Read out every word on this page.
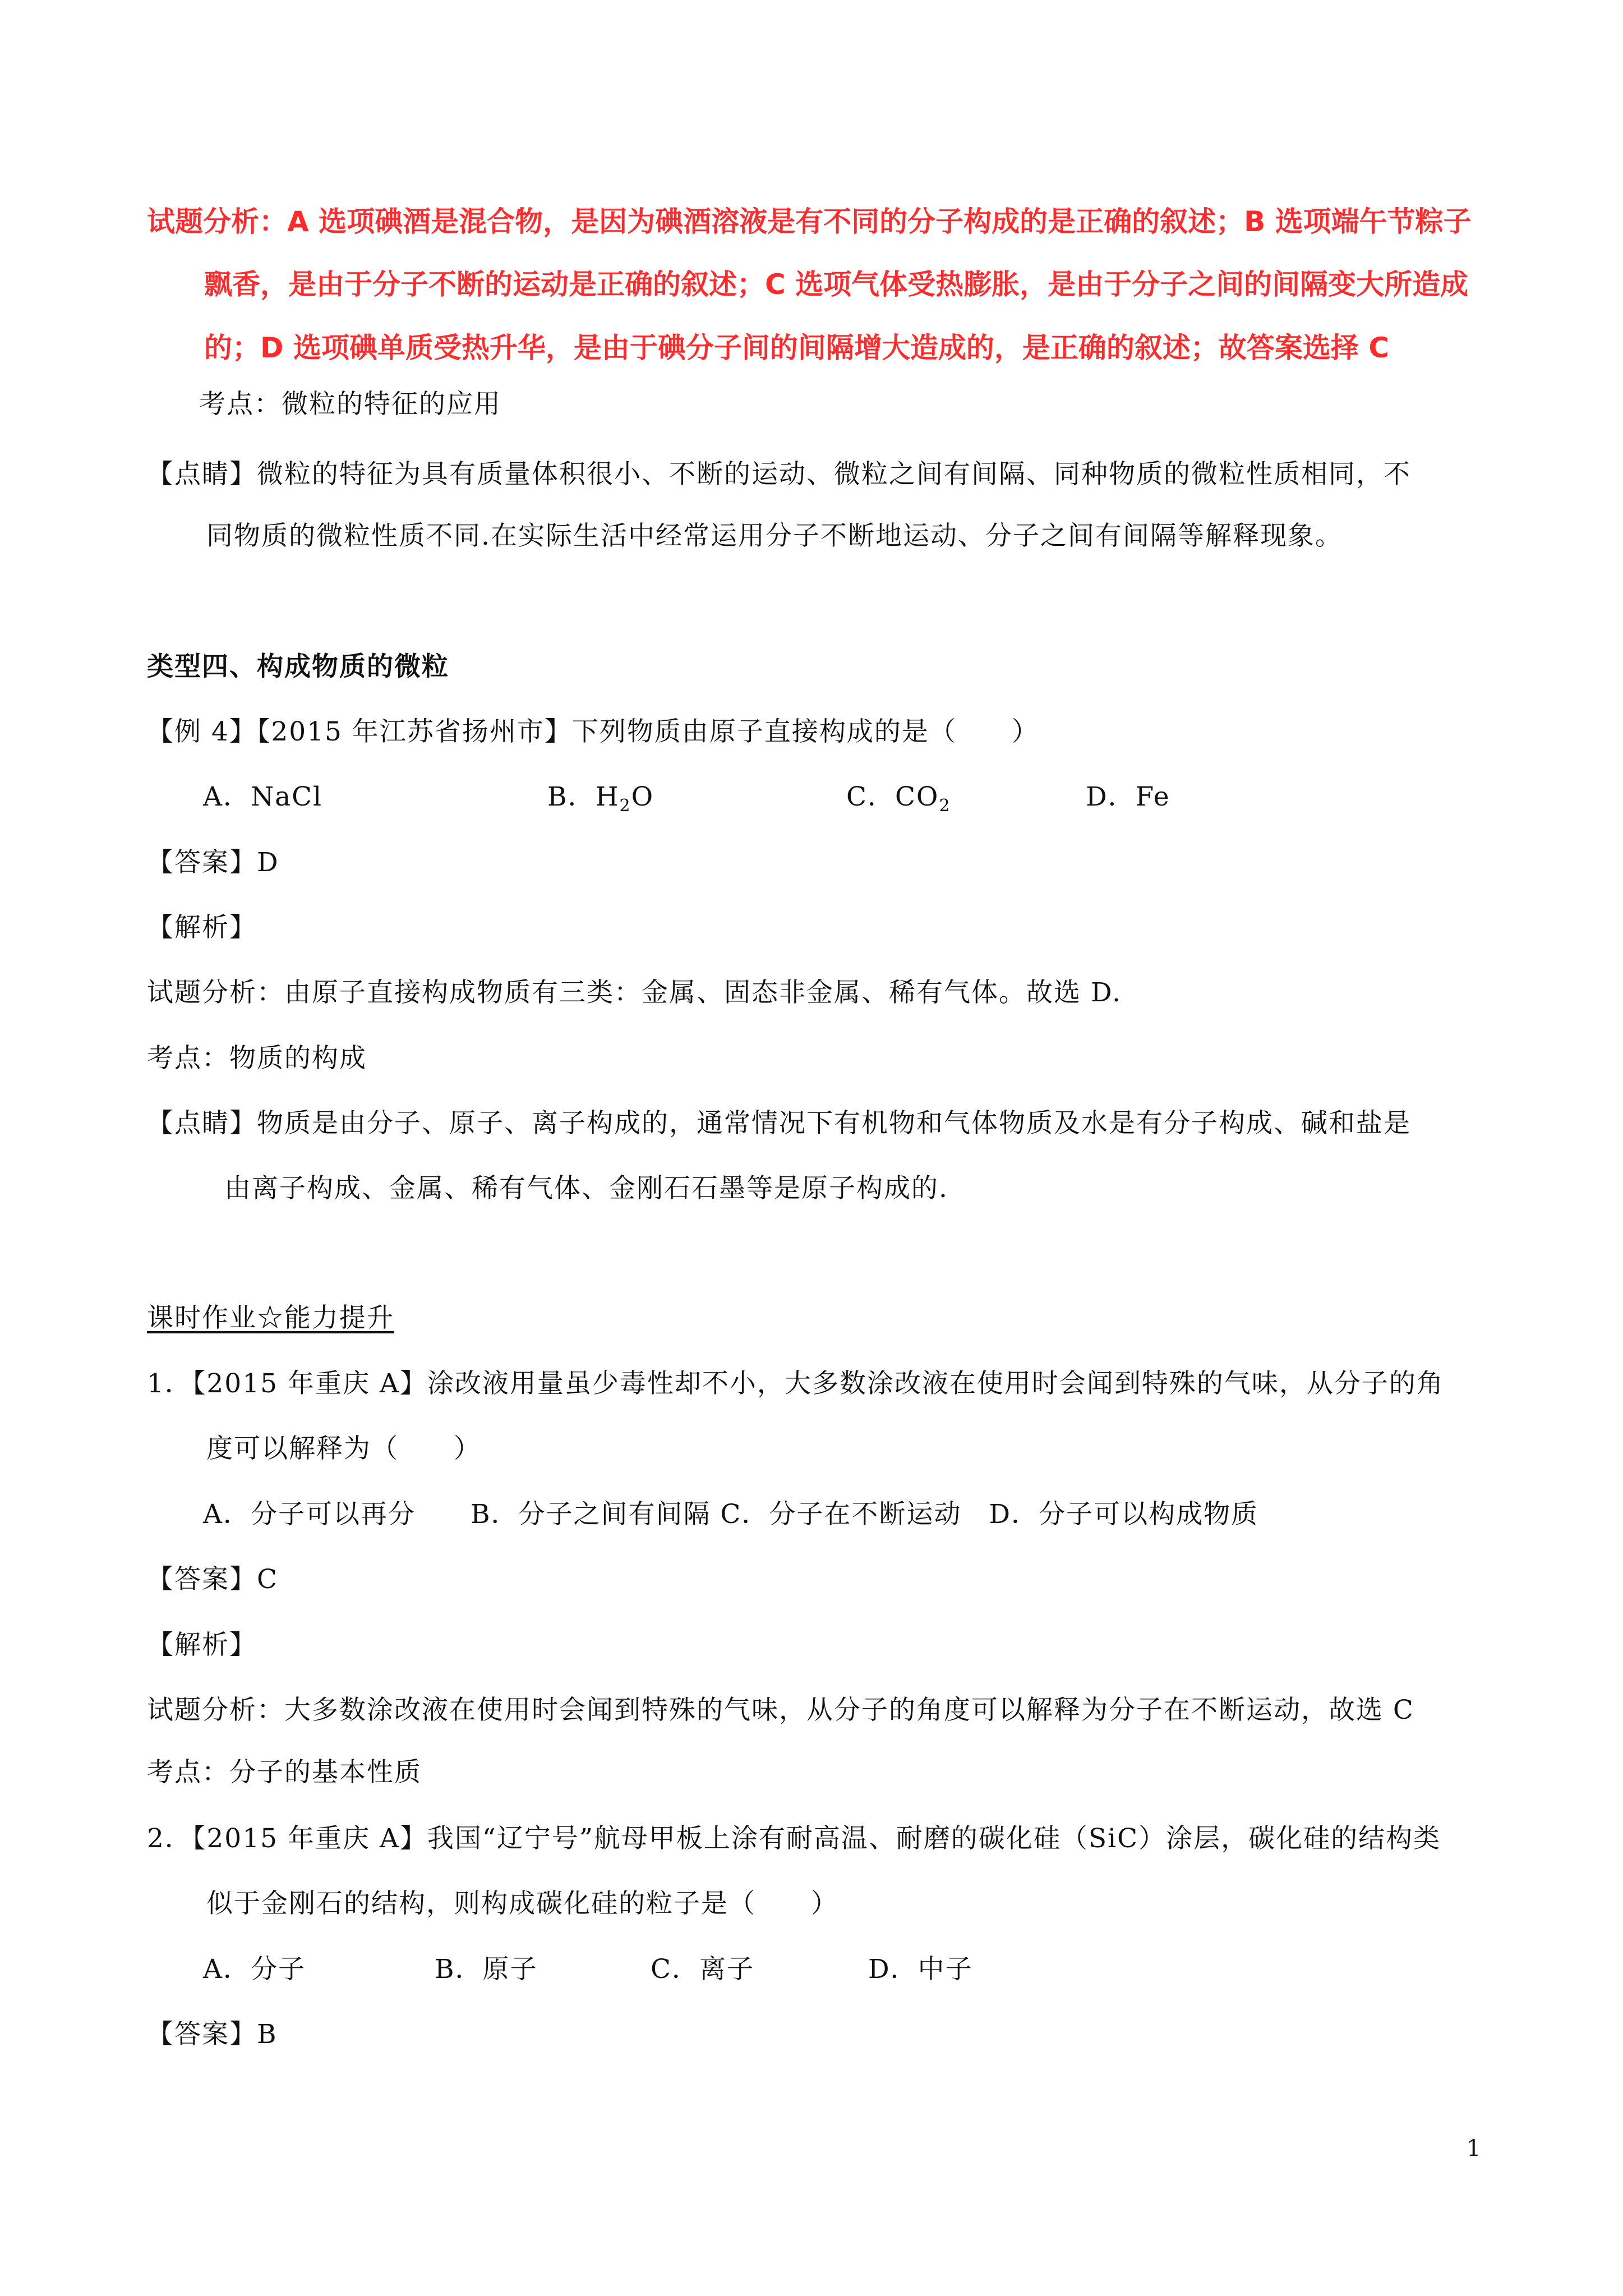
试题分析：A 选项碘酒是混合物，是因为碘酒溶液是有不同的分子构成的是正确的叙述；B 选项端午节粽子
飘香，是由于分子不断的运动是正确的叙述；C 选项气体受热膨胀，是由于分子之间的间隔变大所造成
的；D 选项碘单质受热升华，是由于碘分子间的间隔增大造成的，是正确的叙述；故答案选择 C
考点：微粒的特征的应用
【点睛】微粒的特征为具有质量体积很小、不断的运动、微粒之间有间隔、同种物质的微粒性质相同，不
同物质的微粒性质不同.在实际生活中经常运用分子不断地运动、分子之间有间隔等解释现象。
类型四、构成物质的微粒
【例 4】【2015 年江苏省扬州市】下列物质由原子直接构成的是（　　）
A．NaCl	B．$H_2O$	C．$CO_2$	D．Fe
【答案】D
【解析】
试题分析：由原子直接构成物质有三类：金属、固态非金属、稀有气体。故选 D.
考点：物质的构成
【点睛】物质是由分子、原子、离子构成的，通常情况下有机物和气体物质及水是有分子构成、碱和盐是
由离子构成、金属、稀有气体、金刚石石墨等是原子构成的.
课时作业☆能力提升
1．【2015 年重庆 A】涂改液用量虽少毒性却不小，大多数涂改液在使用时会闻到特殊的气味，从分子的角
度可以解释为（　　）
A．分子可以再分　　B．分子之间有间隔 C．分子在不断运动　D．分子可以构成物质
【答案】C
【解析】
试题分析：大多数涂改液在使用时会闻到特殊的气味，从分子的角度可以解释为分子在不断运动，故选 C
考点：分子的基本性质
2．【2015 年重庆 A】我国“辽宁号”航母甲板上涂有耐高温、耐磨的碳化硅（SiC）涂层，碳化硅的结构类
似于金刚石的结构，则构成碳化硅的粒子是（　　）
A．分子	B．原子	C．离子	D．中子
【答案】B
1
